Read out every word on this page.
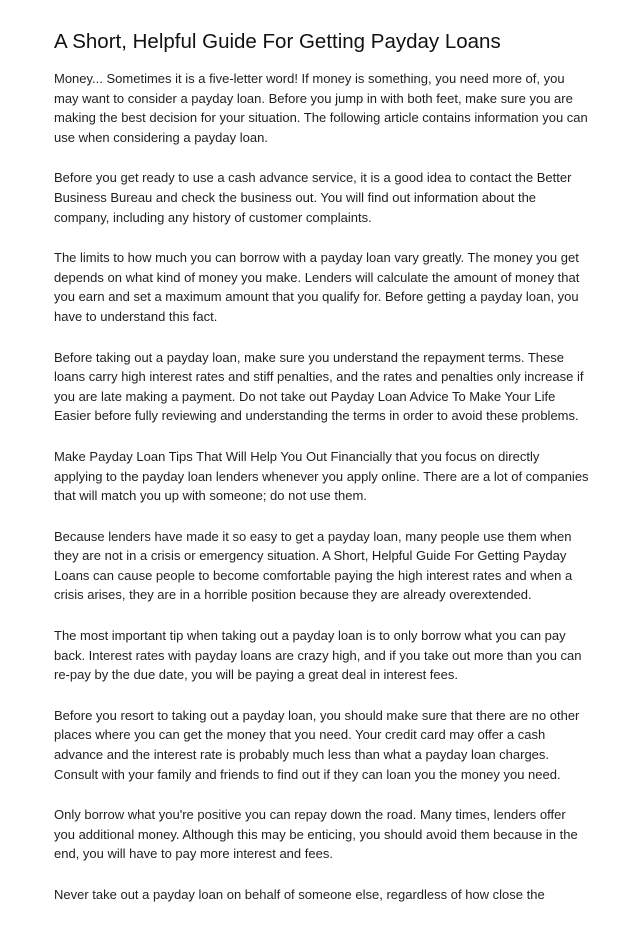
A Short, Helpful Guide For Getting Payday Loans

Money... Sometimes it is a five-letter word! If money is something, you need more of, you
may want to consider a payday loan. Before you jump in with both feet, make sure you are
making the best decision for your situation. The following article contains information you can
use when considering a payday loan.

Before you get ready to use a cash advance service, it is a good idea to contact the Better
Business Bureau and check the business out. You will find out information about the
company, including any history of customer complaints.

The limits to how much you can borrow with a payday loan vary greatly. The money you get
depends on what kind of money you make. Lenders will calculate the amount of money that
you earn and set a maximum amount that you qualify for. Before getting a payday loan, you
have to understand this fact.

Before taking out a payday loan, make sure you understand the repayment terms. These
loans carry high interest rates and stiff penalties, and the rates and penalties only increase if
you are late making a payment. Do not take out Payday Loan Advice To Make Your Life
Easier before fully reviewing and understanding the terms in order to avoid these problems.

Make Payday Loan Tips That Will Help You Out Financially that you focus on directly
applying to the payday loan lenders whenever you apply online. There are a lot of companies
that will match you up with someone; do not use them.

Because lenders have made it so easy to get a payday loan, many people use them when
they are not in a crisis or emergency situation. A Short, Helpful Guide For Getting Payday
Loans can cause people to become comfortable paying the high interest rates and when a
crisis arises, they are in a horrible position because they are already overextended.

The most important tip when taking out a payday loan is to only borrow what you can pay
back. Interest rates with payday loans are crazy high, and if you take out more than you can
re-pay by the due date, you will be paying a great deal in interest fees.

Before you resort to taking out a payday loan, you should make sure that there are no other
places where you can get the money that you need. Your credit card may offer a cash
advance and the interest rate is probably much less than what a payday loan charges.
Consult with your family and friends to find out if they can loan you the money you need.

Only borrow what you're positive you can repay down the road. Many times, lenders offer
you additional money. Although this may be enticing, you should avoid them because in the
end, you will have to pay more interest and fees.

Never take out a payday loan on behalf of someone else, regardless of how close the
